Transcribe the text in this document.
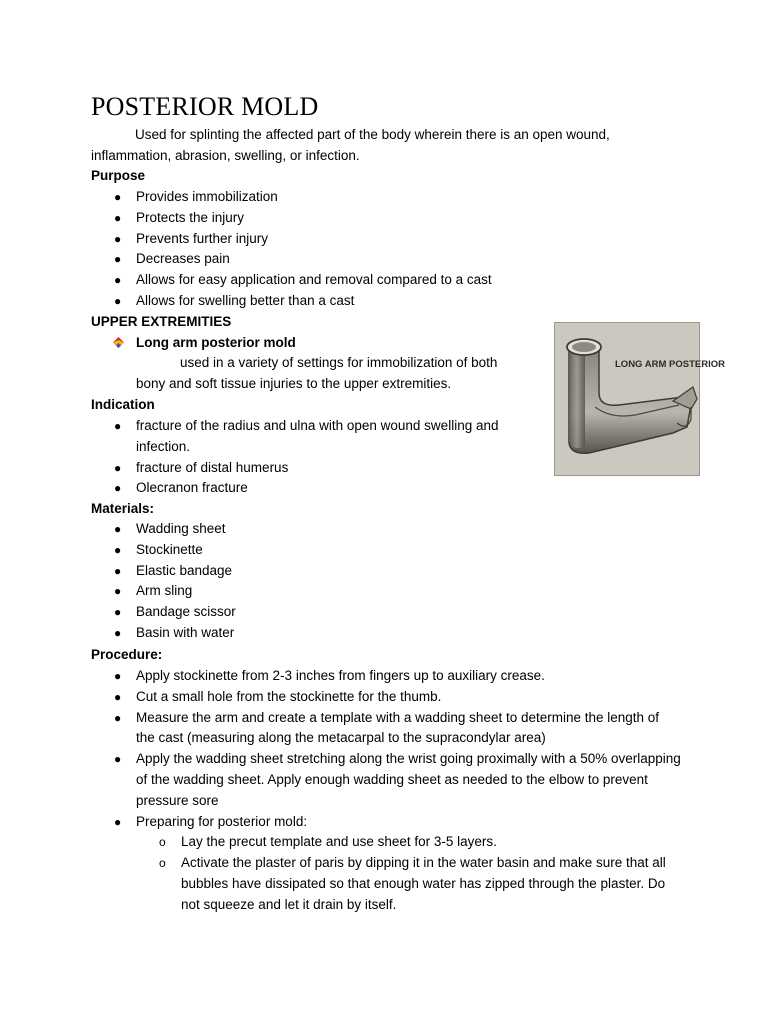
POSTERIOR MOLD
Used for splinting the affected part of the body wherein there is an open wound, inflammation, abrasion, swelling, or infection.
Purpose
● Provides immobilization
● Protects the injury
● Prevents further injury
● Decreases pain
● Allows for easy application and removal compared to a cast
● Allows for swelling better than a cast
UPPER EXTREMITIES
Long arm posterior mold
used in a variety of settings for immobilization of both bony and soft tissue injuries to the upper extremities.
LONG ARM POSTERIOR
Indication
● fracture of the radius and ulna with open wound swelling and infection.
● fracture of distal humerus
● Olecranon fracture
Materials:
● Wadding sheet
● Stockinette
● Elastic bandage
● Arm sling
● Bandage scissor
● Basin with water
Procedure:
● Apply stockinette from 2-3 inches from fingers up to auxiliary crease.
● Cut a small hole from the stockinette for the thumb.
● Measure the arm and create a template with a wadding sheet to determine the length of the cast (measuring along the metacarpal to the supracondylar area)
● Apply the wadding sheet stretching along the wrist going proximally with a 50% overlapping of the wadding sheet. Apply enough wadding sheet as needed to the elbow to prevent pressure sore
● Preparing for posterior mold:
o Lay the precut template and use sheet for 3-5 layers.
o Activate the plaster of paris by dipping it in the water basin and make sure that all bubbles have dissipated so that enough water has zipped through the plaster. Do not squeeze and let it drain by itself.
